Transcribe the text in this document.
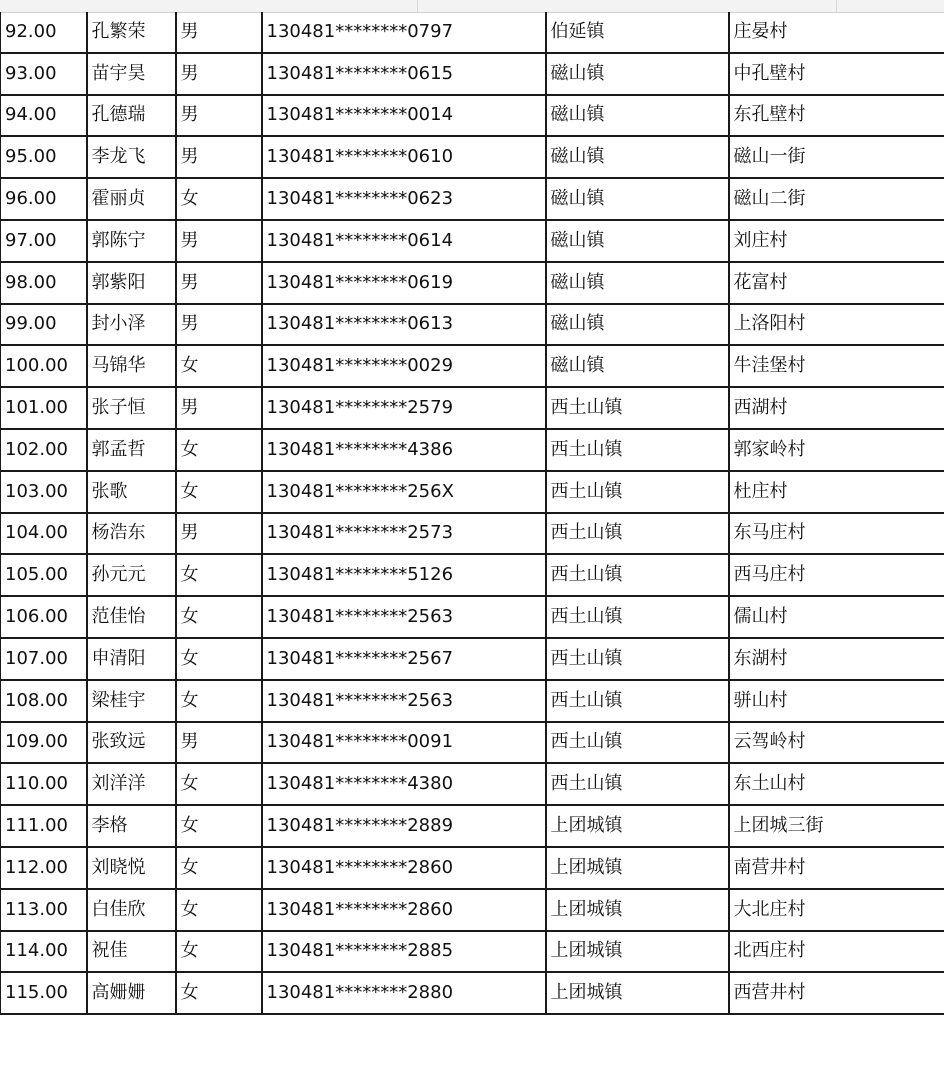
92.00	孔繁荣	男	130481********0797	伯延镇	庄晏村
93.00	苗宇昊	男	130481********0615	磁山镇	中孔壁村
94.00	孔德瑞	男	130481********0014	磁山镇	东孔壁村
95.00	李龙飞	男	130481********0610	磁山镇	磁山一街
96.00	霍丽贞	女	130481********0623	磁山镇	磁山二街
97.00	郭陈宁	男	130481********0614	磁山镇	刘庄村
98.00	郭紫阳	男	130481********0619	磁山镇	花富村
99.00	封小泽	男	130481********0613	磁山镇	上洛阳村
100.00	马锦华	女	130481********0029	磁山镇	牛洼堡村
101.00	张子恒	男	130481********2579	西土山镇	西湖村
102.00	郭孟哲	女	130481********4386	西土山镇	郭家岭村
103.00	张歌	女	130481********256X	西土山镇	杜庄村
104.00	杨浩东	男	130481********2573	西土山镇	东马庄村
105.00	孙元元	女	130481********5126	西土山镇	西马庄村
106.00	范佳怡	女	130481********2563	西土山镇	儒山村
107.00	申清阳	女	130481********2567	西土山镇	东湖村
108.00	梁桂宇	女	130481********2563	西土山镇	骈山村
109.00	张致远	男	130481********0091	西土山镇	云驾岭村
110.00	刘洋洋	女	130481********4380	西土山镇	东土山村
111.00	李格	女	130481********2889	上团城镇	上团城三街
112.00	刘晓悦	女	130481********2860	上团城镇	南营井村
113.00	白佳欣	女	130481********2860	上团城镇	大北庄村
114.00	祝佳	女	130481********2885	上团城镇	北西庄村
115.00	高姗姗	女	130481********2880	上团城镇	西营井村
